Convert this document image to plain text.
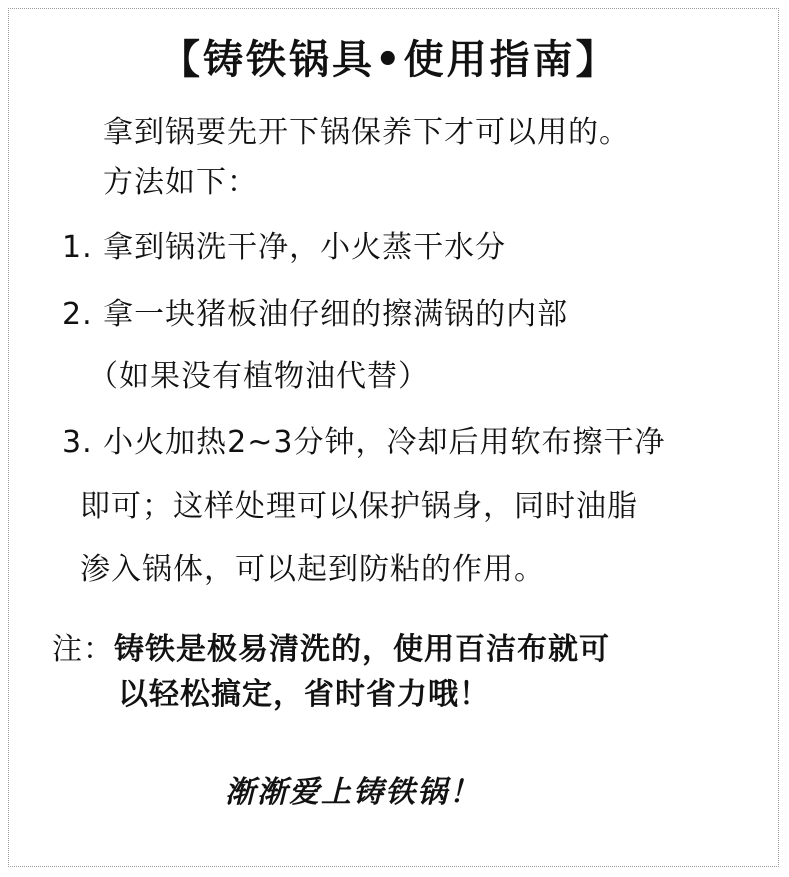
【铸铁锅具•使用指南】
拿到锅要先开下锅保养下才可以用的。
方法如下：
1. 拿到锅洗干净，小火蒸干水分
2. 拿一块猪板油仔细的擦满锅的内部
（如果没有植物油代替）
3. 小火加热2~3分钟，冷却后用软布擦干净
即可；这样处理可以保护锅身，同时油脂
渗入锅体，可以起到防粘的作用。
注：铸铁是极易清洗的，使用百洁布就可
以轻松搞定，省时省力哦！
渐渐爱上铸铁锅！
